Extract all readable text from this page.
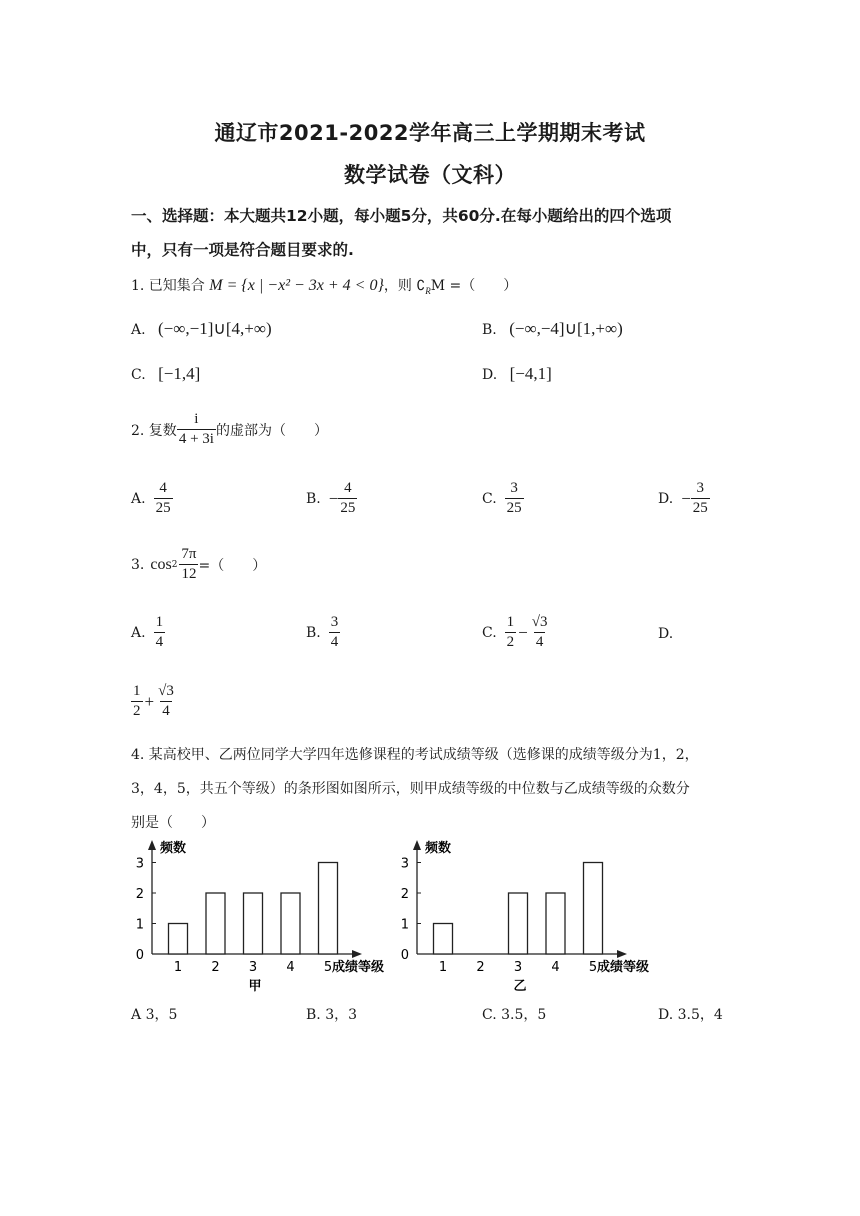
通辽市2021-2022学年高三上学期期末考试
数学试卷（文科）
一、选择题：本大题共12小题，每小题5分，共60分.在每小题给出的四个选项
中，只有一项是符合题目要求的.
1. 已知集合 M = {x | −x² − 3x + 4 < 0}，则 $∁_RM$ =（　　）
A. (−∞,−1]∪[4,+∞)	B. (−∞,−4]∪[1,+∞)
C. [−1,4]	D. [−4,1]
2. 复数 $\frac{i}{4 + 3i}$ 的虚部为（　　）
A. $\frac{4}{25}$	B. − $\frac{4}{25}$	C. $\frac{3}{25}$	D. − $\frac{3}{25}$
3. $\cos 2 \frac{7\pi}{12}$ =（　　）
A. $\frac{1}{4}$	B. $\frac{3}{4}$	C. $\frac{1}{2} - \frac{√3}{4}$	D.
$\frac{1}{2} + \frac{√3}{4}$
4. 某高校甲、乙两位同学大学四年选修课程的考试成绩等级（选修课的成绩等级分为1，2，
3，4，5，共五个等级）的条形图如图所示，则甲成绩等级的中位数与乙成绩等级的众数分
别是（　　）
频数
0
1
2
3
1 2 3 4 5 成绩等级
甲
频数
0
1
2
3
1 2 3 4 5 成绩等级
乙
A 3，5	B. 3，3	C. 3.5，5	D. 3.5，4
